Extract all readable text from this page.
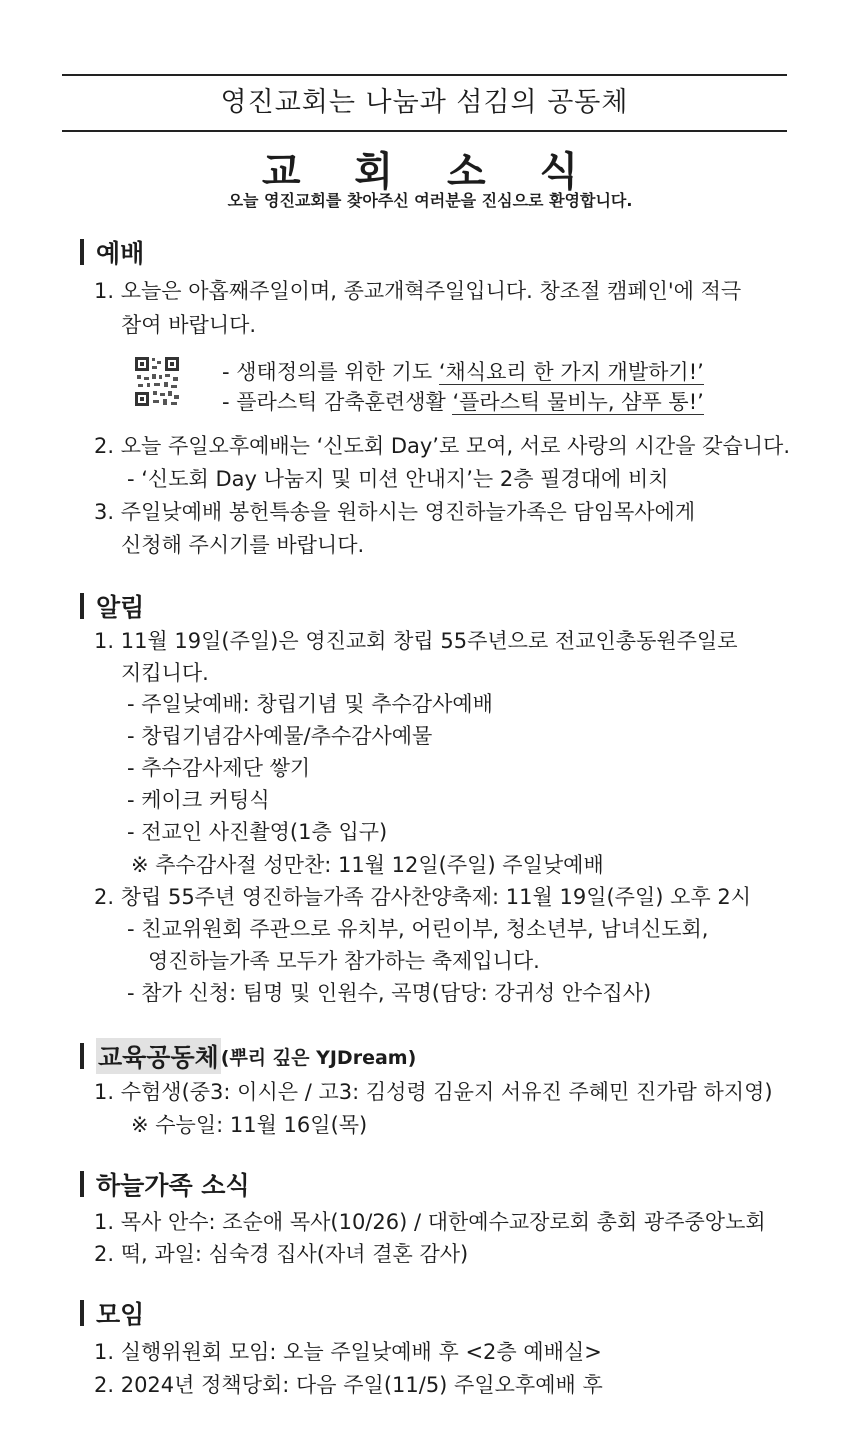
영진교회는 나눔과 섬김의 공동체
교 회 소 식
오늘 영진교회를 찾아주신 여러분을 진심으로 환영합니다.
예배
1. 오늘은 아홉째주일이며, 종교개혁주일입니다. 창조절 캠페인'에 적극
참여 바랍니다.
- 생태정의를 위한 기도 ‘채식요리 한 가지 개발하기!’
- 플라스틱 감축훈련생활 ‘플라스틱 물비누, 샴푸 통!’
2. 오늘 주일오후예배는 ‘신도회 Day’로 모여, 서로 사랑의 시간을 갖습니다.
- ‘신도회 Day 나눔지 및 미션 안내지’는 2층 필경대에 비치
3. 주일낮예배 봉헌특송을 원하시는 영진하늘가족은 담임목사에게
신청해 주시기를 바랍니다.
알림
1. 11월 19일(주일)은 영진교회 창립 55주년으로 전교인총동원주일로
지킵니다.
- 주일낮예배: 창립기념 및 추수감사예배
- 창립기념감사예물/추수감사예물
- 추수감사제단 쌓기
- 케이크 커팅식
- 전교인 사진촬영(1층 입구)
※ 추수감사절 성만찬: 11월 12일(주일) 주일낮예배
2. 창립 55주년 영진하늘가족 감사찬양축제: 11월 19일(주일) 오후 2시
- 친교위원회 주관으로 유치부, 어린이부, 청소년부, 남녀신도회,
영진하늘가족 모두가 참가하는 축제입니다.
- 참가 신청: 팀명 및 인원수, 곡명(담당: 강귀성 안수집사)
교육공동체 (뿌리 깊은 YJDream)
1. 수험생(중3: 이시은 / 고3: 김성령 김윤지 서유진 주혜민 진가람 하지영)
※ 수능일: 11월 16일(목)
하늘가족 소식
1. 목사 안수: 조순애 목사(10/26) / 대한예수교장로회 총회 광주중앙노회
2. 떡, 과일: 심숙경 집사(자녀 결혼 감사)
모임
1. 실행위원회 모임: 오늘 주일낮예배 후 <2층 예배실>
2. 2024년 정책당회: 다음 주일(11/5) 주일오후예배 후
